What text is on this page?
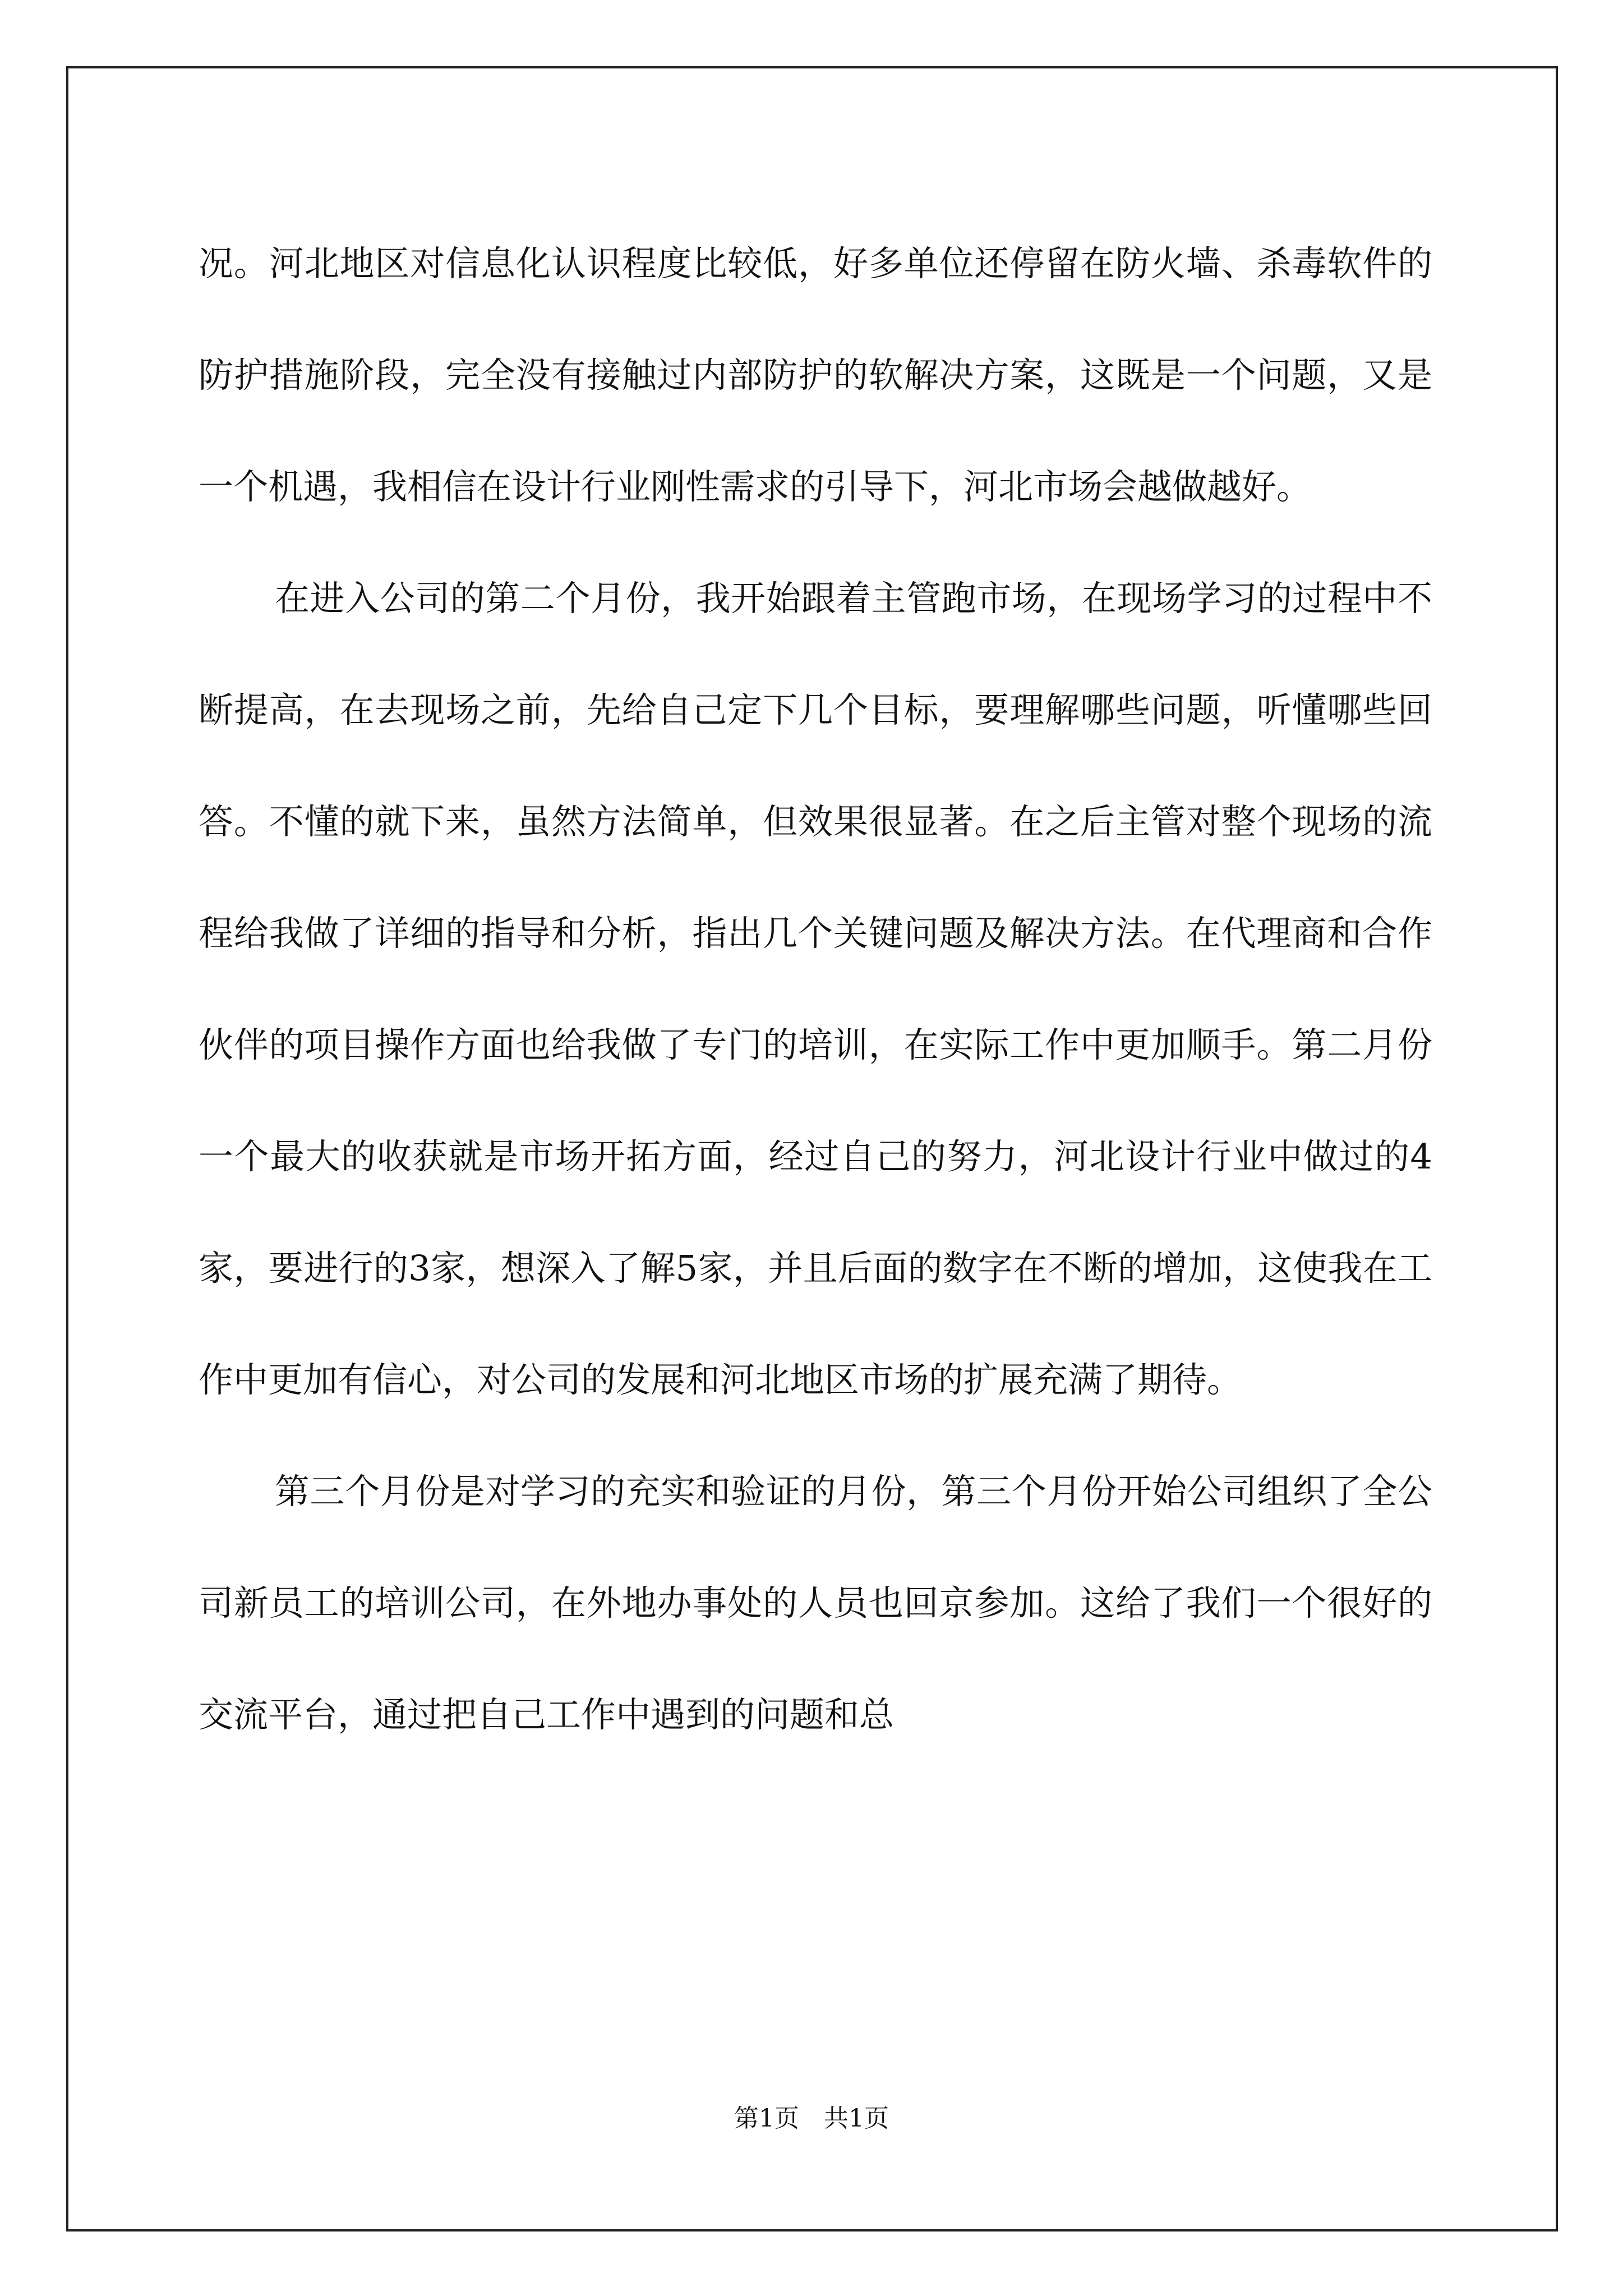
况。河北地区对信息化认识程度比较低，好多单位还停留在防火墙、杀毒软件的防护措施阶段，完全没有接触过内部防护的软解决方案，这既是一个问题，又是一个机遇，我相信在设计行业刚性需求的引导下，河北市场会越做越好。

在进入公司的第二个月份，我开始跟着主管跑市场，在现场学习的过程中不断提高，在去现场之前，先给自己定下几个目标，要理解哪些问题，听懂哪些回答。不懂的就下来，虽然方法简单，但效果很显著。在之后主管对整个现场的流程给我做了详细的指导和分析，指出几个关键问题及解决方法。在代理商和合作伙伴的项目操作方面也给我做了专门的培训，在实际工作中更加顺手。第二月份一个最大的收获就是市场开拓方面，经过自己的努力，河北设计行业中做过的4家，要进行的3家，想深入了解5家，并且后面的数字在不断的增加，这使我在工作中更加有信心，对公司的发展和河北地区市场的扩展充满了期待。

第三个月份是对学习的充实和验证的月份，第三个月份开始公司组织了全公司新员工的培训公司，在外地办事处的人员也回京参加。这给了我们一个很好的交流平台，通过把自己工作中遇到的问题和总

第1页　共1页
